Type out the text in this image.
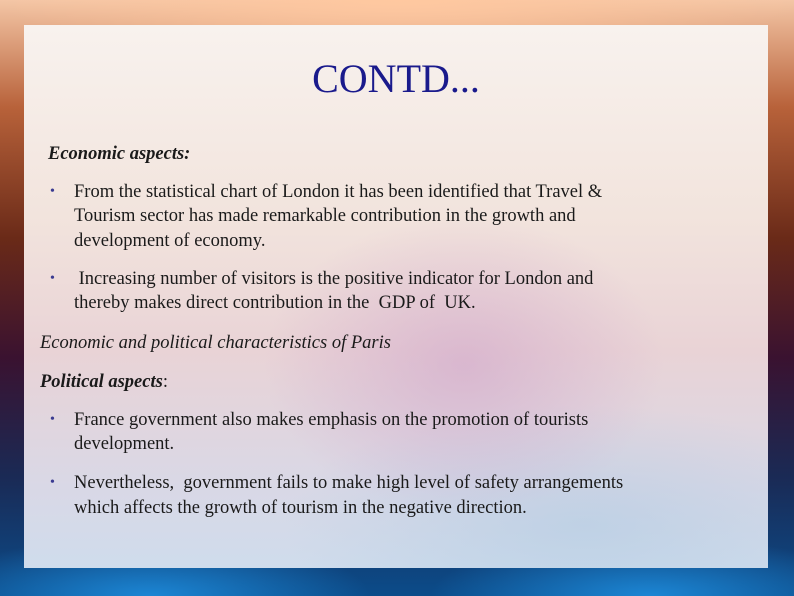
CONTD...

Economic aspects:

• From the statistical chart of London it has been identified that Travel &

Tourism sector has made remarkable contribution in the growth and

development of economy.

• Increasing number of visitors is the positive indicator for London and

thereby makes direct contribution in the  GDP of  UK.

Economic and political characteristics of Paris

Political aspects:

• France government also makes emphasis on the promotion of tourists

development.

• Nevertheless,  government fails to make high level of safety arrangements

which affects the growth of tourism in the negative direction.
